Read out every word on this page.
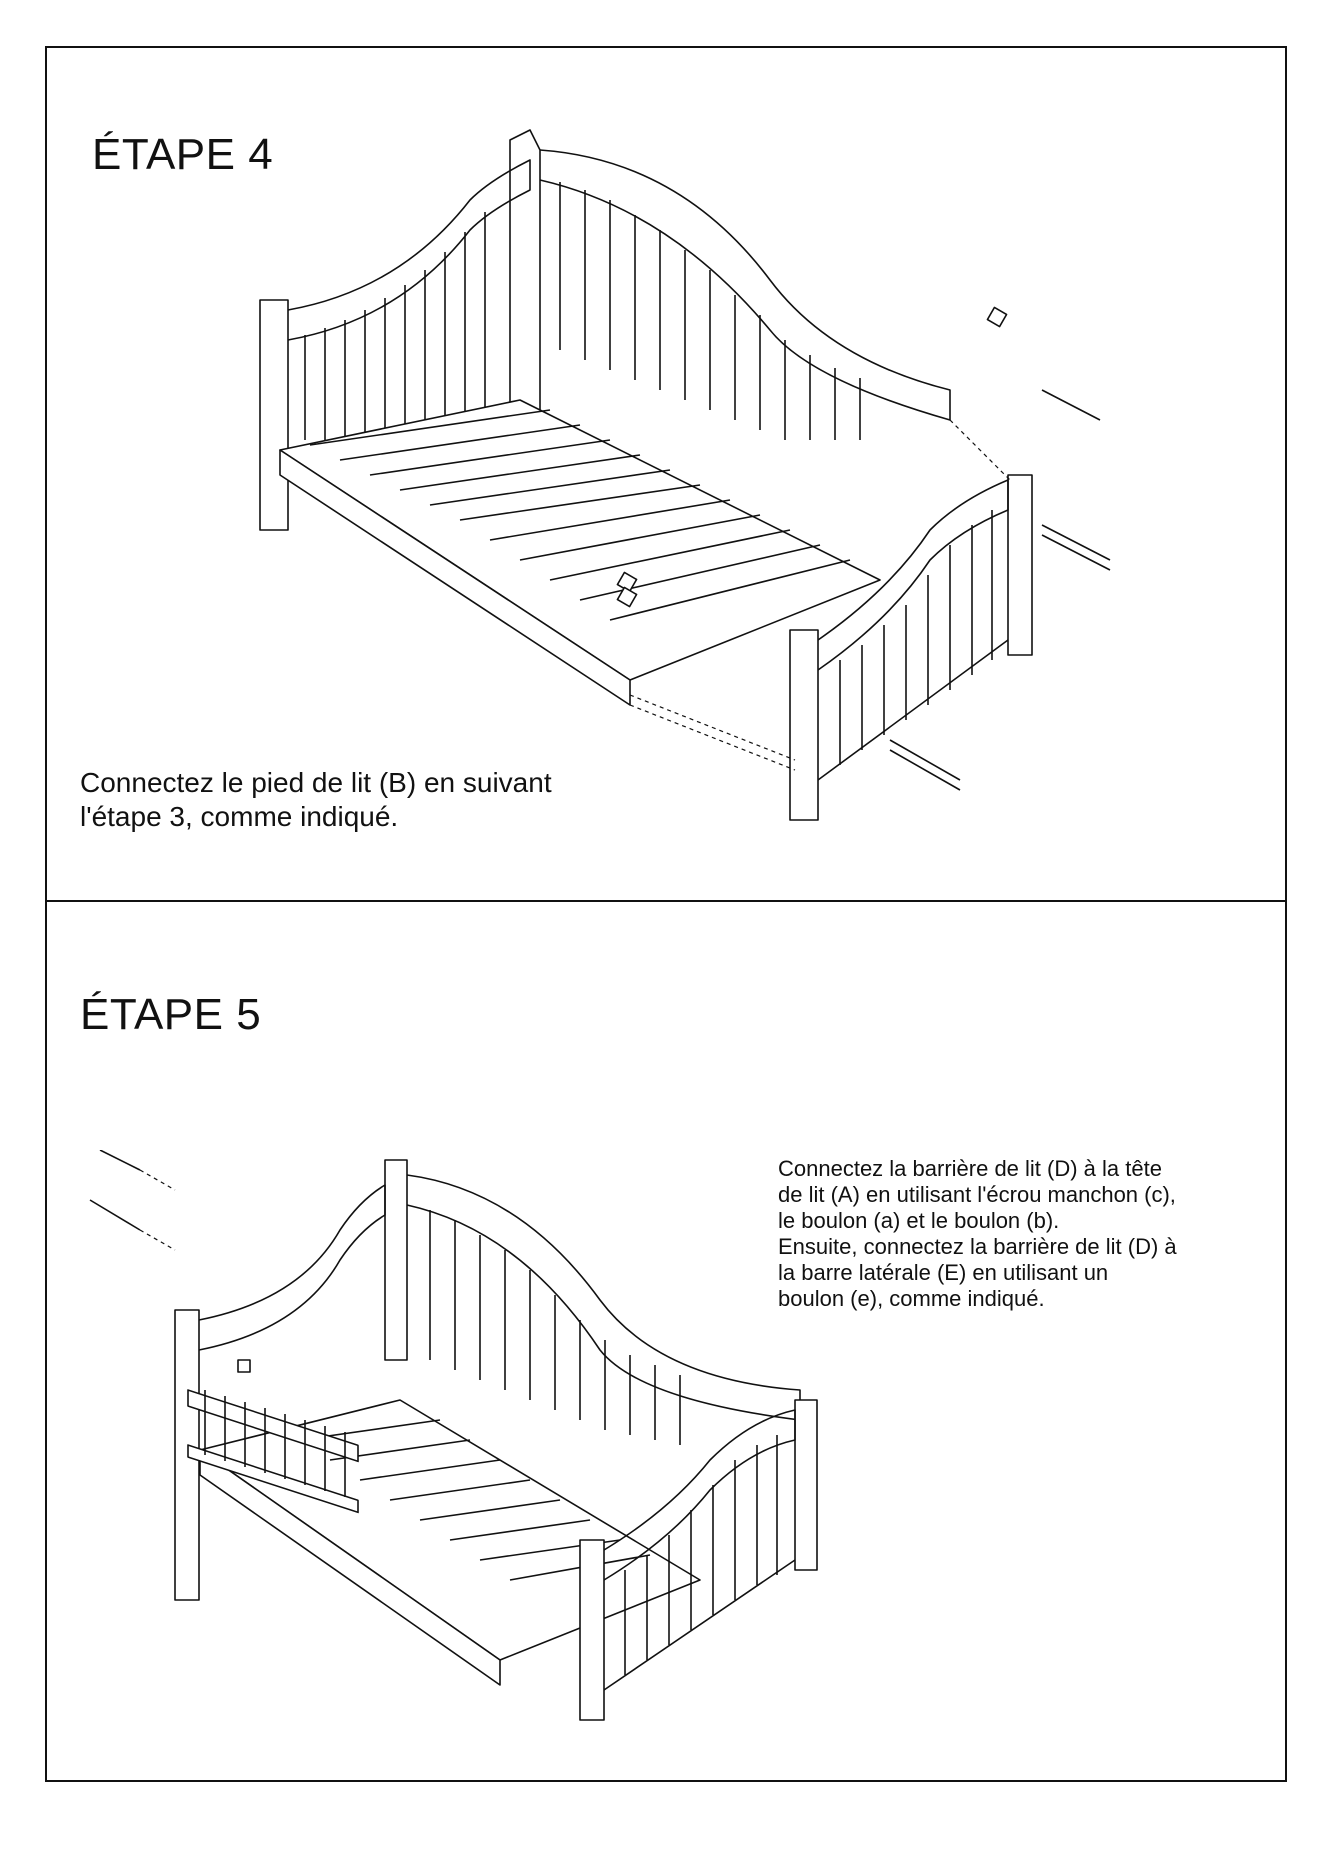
ÉTAPE 4
Connectez le pied de lit (B) en suivant
l'étape 3, comme indiqué.
ÉTAPE 5
Connectez la barrière de lit (D) à la tête
de lit (A) en utilisant l'écrou manchon (c),
le boulon (a) et le boulon (b).
Ensuite, connectez la barrière de lit (D) à
la barre latérale (E) en utilisant un
boulon (e), comme indiqué.
